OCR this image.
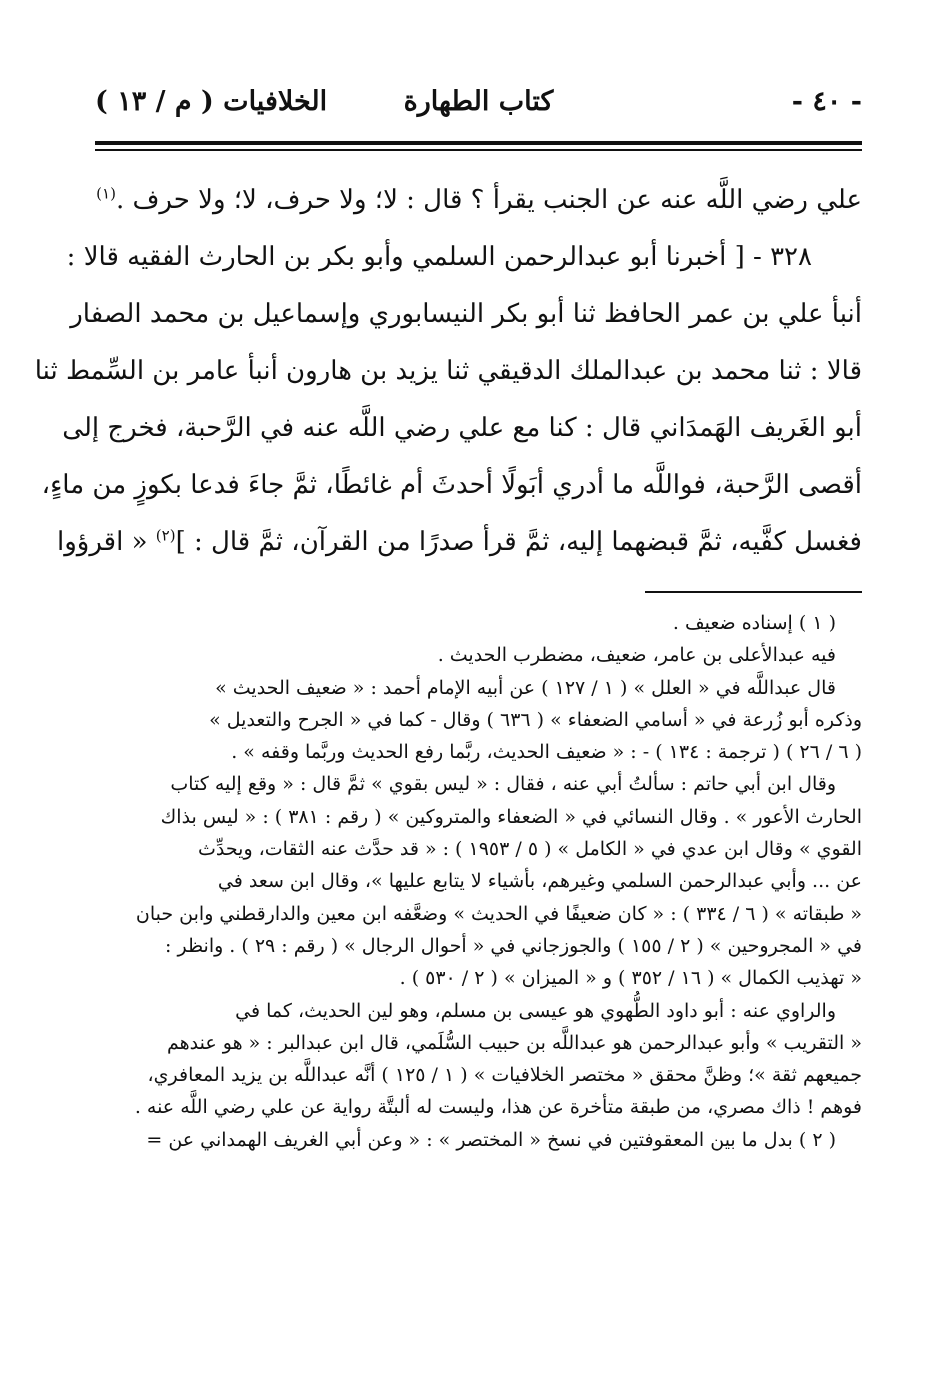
- ٤٠ -
كتاب الطهارة
الخلافيات ( م / ١٣ )

علي رضي اللَّه عنه عن الجنب يقرأ ؟ قال : لا؛ ولا حرف، لا؛ ولا حرف .$^{(١)}$

٣٢٨ - [ أخبرنا أبو عبدالرحمن السلمي وأبو بكر بن الحارث الفقيه قالا :

أنبأ علي بن عمر الحافظ ثنا أبو بكر النيسابوري وإسماعيل بن محمد الصفار

قالا : ثنا محمد بن عبدالملك الدقيقي ثنا يزيد بن هارون أنبأ عامر بن السِّمط ثنا

أبو الغَريف الهَمدَاني قال : كنا مع علي رضي اللَّه عنه في الرَّحبة، فخرج إلى

أقصى الرَّحبة، فواللَّه ما أدري أبَولًا أحدثَ أم غائطًا، ثمَّ جاءَ فدعا بكوزٍ من ماءٍ،

فغسل كفَّيه، ثمَّ قبضهما إليه، ثمَّ قرأ صدرًا من القرآن، ثمَّ قال : ]$^{(٢)}$ « اقرؤوا

( ١ ) إسناده ضعيف .

فيه عبدالأعلى بن عامر، ضعيف، مضطرب الحديث .

قال عبداللَّه في « العلل » ( ١ / ١٢٧ ) عن أبيه الإمام أحمد : « ضعيف الحديث »

وذكره أبو زُرعة في « أسامي الضعفاء » ( ٦٣٦ ) وقال - كما في « الجرح والتعديل »

( ٦ / ٢٦ ) ( ترجمة : ١٣٤ ) - : « ضعيف الحديث، ربَّما رفع الحديث وربَّما وقفه » .

وقال ابن أبي حاتم : سألتُ أبي عنه ، فقال : « ليس بقوي » ثمَّ قال : « وقع إليه كتاب

الحارث الأعور » . وقال النسائي في « الضعفاء والمتروكين » ( رقم : ٣٨١ ) : « ليس بذاك

القوي » وقال ابن عدي في « الكامل » ( ٥ / ١٩٥٣ ) : « قد حدَّث عنه الثقات، ويحدِّث

عن ... وأبي عبدالرحمن السلمي وغيرهم، بأشياء لا يتابع عليها »، وقال ابن سعد في

« طبقاته » ( ٦ / ٣٣٤ ) : « كان ضعيفًا في الحديث » وضعَّفه ابن معين والدارقطني وابن حبان

في « المجروحين » ( ٢ / ١٥٥ ) والجوزجاني في « أحوال الرجال » ( رقم : ٢٩ ) . وانظر :

« تهذيب الكمال » ( ١٦ / ٣٥٢ ) و « الميزان » ( ٢ / ٥٣٠ ) .

والراوي عنه : أبو داود الطُّهوي هو عيسى بن مسلم، وهو لين الحديث، كما في

« التقريب » وأبو عبدالرحمن هو عبداللَّه بن حبيب السُّلَمي، قال ابن عبدالبر : « هو عندهم

جميعهم ثقة »؛ وظنَّ محقق « مختصر الخلافيات » ( ١ / ١٢٥ ) أنَّه عبداللَّه بن يزيد المعافري،

فوهم ! ذاك مصري، من طبقة متأخرة عن هذا، وليست له ألبتَّة رواية عن علي رضي اللَّه عنه .

( ٢ ) بدل ما بين المعقوفتين في نسخ « المختصر » : « وعن أبي الغريف الهمداني عن =
